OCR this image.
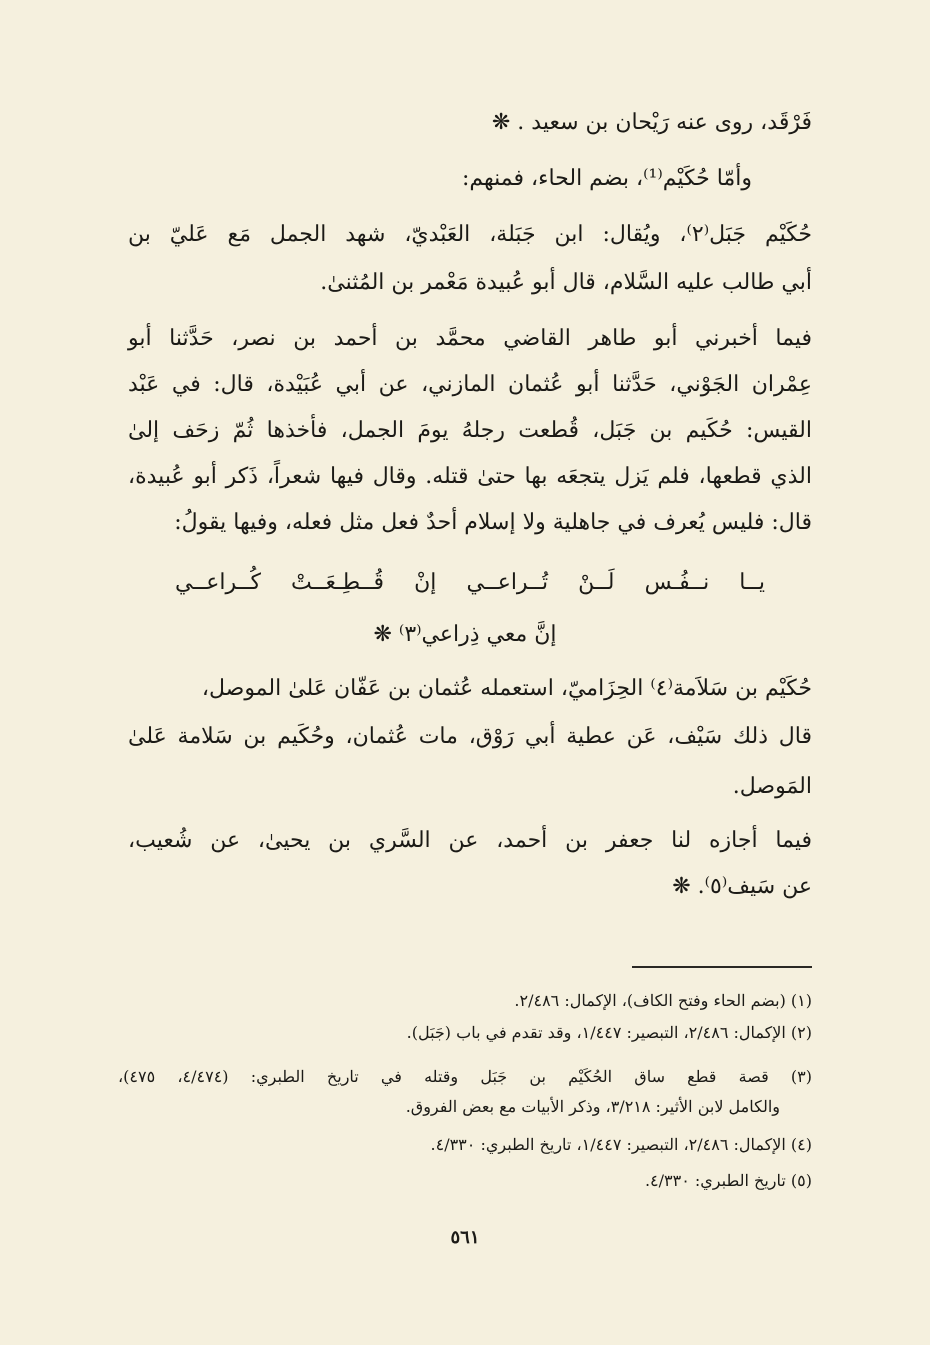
فَرْقَد، روى عنه رَيْحان بن سعيد . ❋
وأمّا حُكَيْم⁽¹⁾، بضم الحاء، فمنهم:
حُكَيْم جَبَل⁽٢⁾، ويُقال: ابن جَبَلة، العَبْديّ، شهد الجمل مَع عَليّ بن
أبي طالب عليه السَّلام، قال أبو عُبيدة مَعْمر بن المُثنىٰ.
فيما أخبرني أبو طاهر القاضي محمَّد بن أحمد بن نصر، حَدَّثنا أبو
عِمْران الجَوْني، حَدَّثنا أبو عُثمان المازني، عن أبي عُبَيْدة، قال: في عَبْد
القيس: حُكَيم بن جَبَل، قُطعت رجلهُ يومَ الجمل، فأخذها ثُمّ زحَف إلىٰ
الذي قطعها، فلم يَزل يتجعَه بها حتىٰ قتله. وقال فيها شعراً، ذَكر أبو عُبيدة،
قال: فليس يُعرف في جاهلية ولا إسلام أحدٌ فعل مثل فعله، وفيها يقولُ:
يــا نــفُـس لَــنْ تُــراعــي إنْ قُــطِـعَــتْ كُــراعــي
إنَّ معي ذِراعي⁽٣⁾ ❋
حُكَيْم بن سَلاَمة⁽٤⁾ الحِزَاميّ، استعمله عُثمان بن عَفّان عَلىٰ الموصل،
قال ذلك سَيْف، عَن عطية أبي رَوْق، مات عُثمان، وحُكَيم بن سَلامة عَلىٰ
المَوصل.
فيما أجازه لنا جعفر بن أحمد، عن السَّري بن يحيىٰ، عن شُعيب،
عن سَيف⁽٥⁾. ❋
(١) (بضم الحاء وفتح الكاف)، الإكمال: ٢/٤٨٦.
(٢) الإكمال: ٢/٤٨٦، التبصير: ١/٤٤٧، وقد تقدم في باب (جَبَل).
(٣) قصة قطع ساق الحُكَيْم بن جَبَل وقتله في تاريخ الطبري: (٤/٤٧٤، ٤٧٥)،
والكامل لابن الأثير: ٣/٢١٨، وذكر الأبيات مع بعض الفروق.
(٤) الإكمال: ٢/٤٨٦، التبصير: ١/٤٤٧، تاريخ الطبري: ٤/٣٣٠.
(٥) تاريخ الطبري: ٤/٣٣٠.
٥٦١
